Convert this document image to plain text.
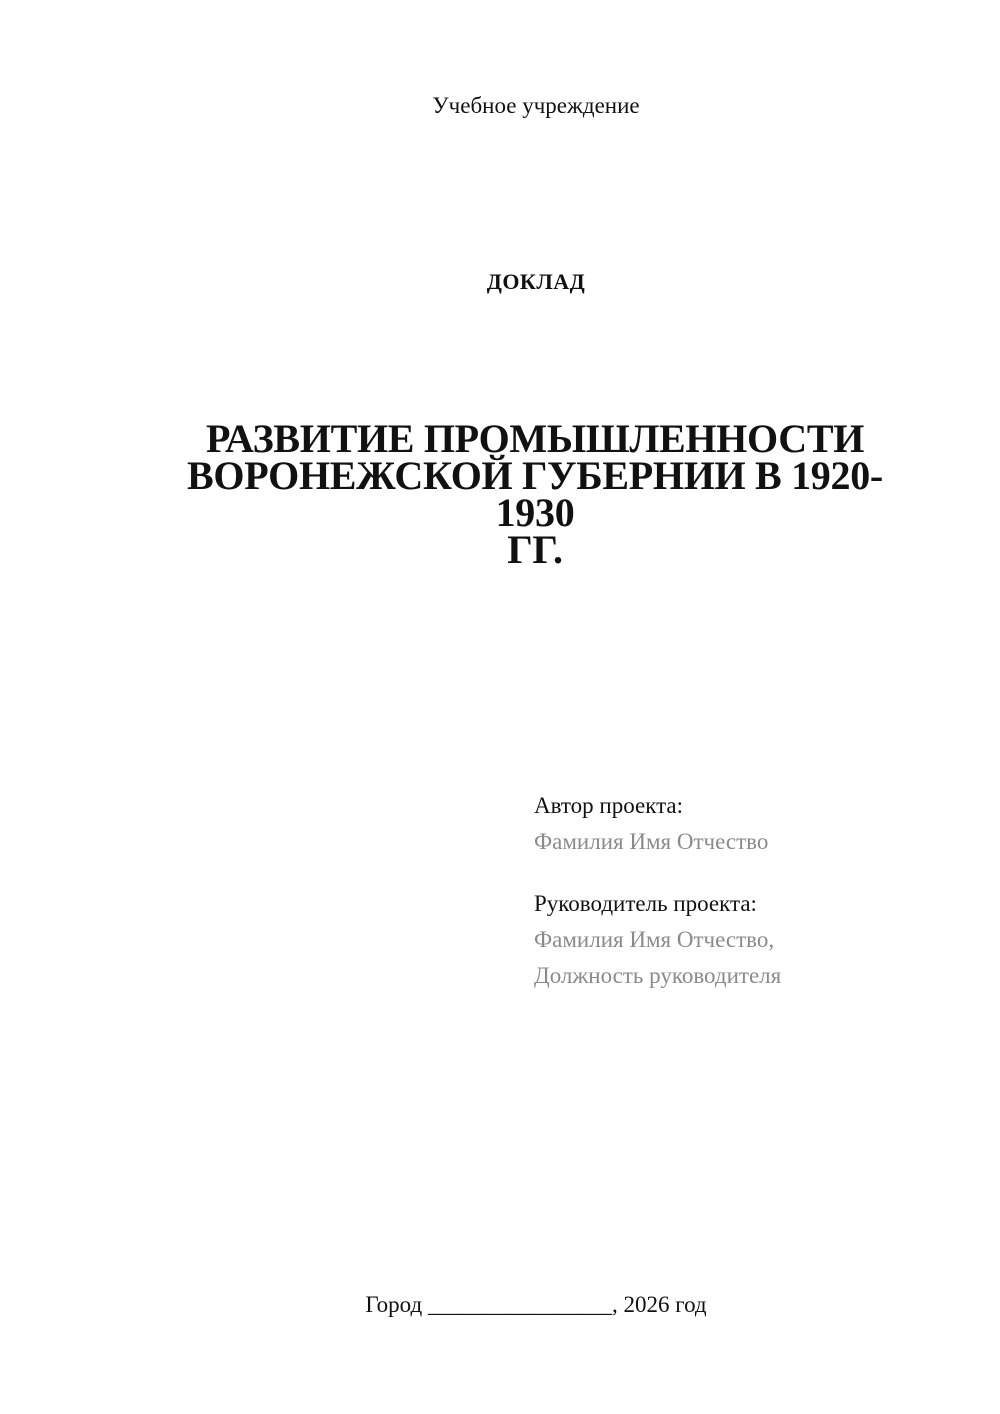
Учебное учреждение
ДОКЛАД
РАЗВИТИЕ ПРОМЫШЛЕННОСТИ
ВОРОНЕЖСКОЙ ГУБЕРНИИ В 1920-1930
ГГ.
Автор проекта:
Фамилия Имя Отчество
Руководитель проекта:
Фамилия Имя Отчество,
Должность руководителя
Город ________________, 2026 год
